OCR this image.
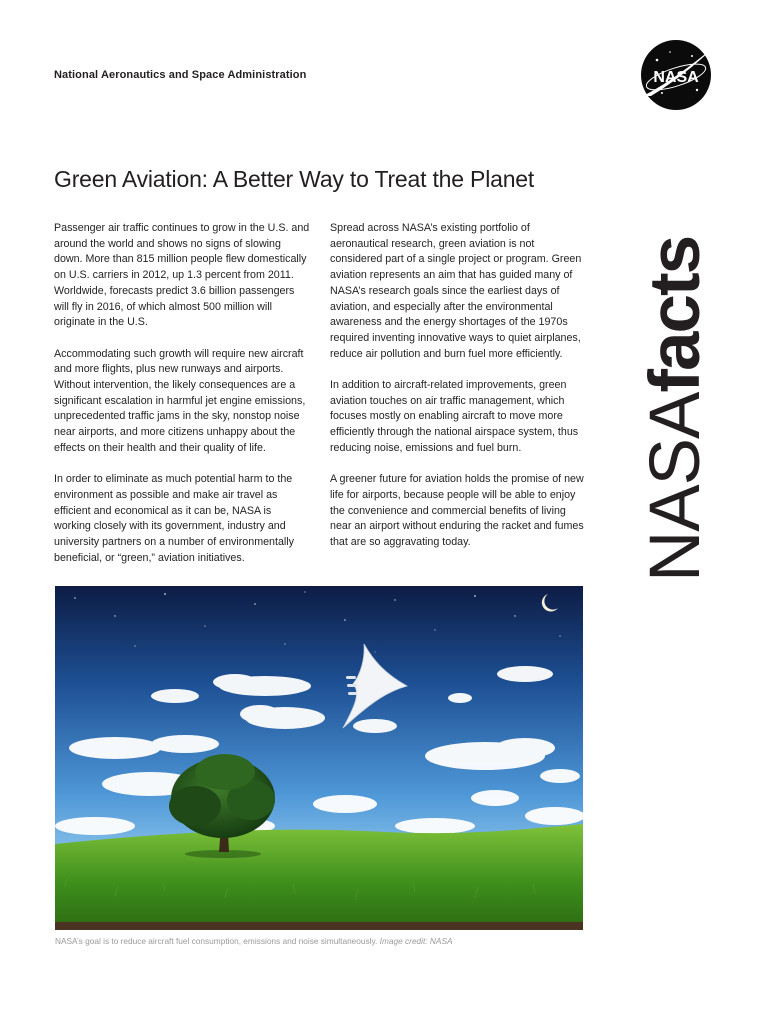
National Aeronautics and Space Administration	NASA
NASAfacts
Green Aviation: A Better Way to Treat the Planet

Passenger air traffic continues to grow in the U.S. and around the world and shows no signs of slowing down. More than 815 million people flew domestically on U.S. carriers in 2012, up 1.3 percent from 2011. Worldwide, forecasts predict 3.6 billion passengers will fly in 2016, of which almost 500 million will originate in the U.S.

Accommodating such growth will require new aircraft and more flights, plus new runways and airports. Without intervention, the likely consequences are a significant escalation in harmful jet engine emissions, unprecedented traffic jams in the sky, nonstop noise near airports, and more citizens unhappy about the effects on their health and their quality of life.

In order to eliminate as much potential harm to the environment as possible and make air travel as efficient and economical as it can be, NASA is working closely with its government, industry and university partners on a number of environmentally beneficial, or “green,” aviation initiatives.

Spread across NASA’s existing portfolio of aeronautical research, green aviation is not considered part of a single project or program. Green aviation represents an aim that has guided many of NASA’s research goals since the earliest days of aviation, and especially after the environmental awareness and the energy shortages of the 1970s required inventing innovative ways to quiet airplanes, reduce air pollution and burn fuel more efficiently.

In addition to aircraft-related improvements, green aviation touches on air traffic management, which focuses mostly on enabling aircraft to move more efficiently through the national airspace system, thus reducing noise, emissions and fuel burn.

A greener future for aviation holds the promise of new life for airports, because people will be able to enjoy the convenience and commercial benefits of living near an airport without enduring the racket and fumes that are so aggravating today.

NASA’s goal is to reduce aircraft fuel consumption, emissions and noise simultaneously. Image credit: NASA
